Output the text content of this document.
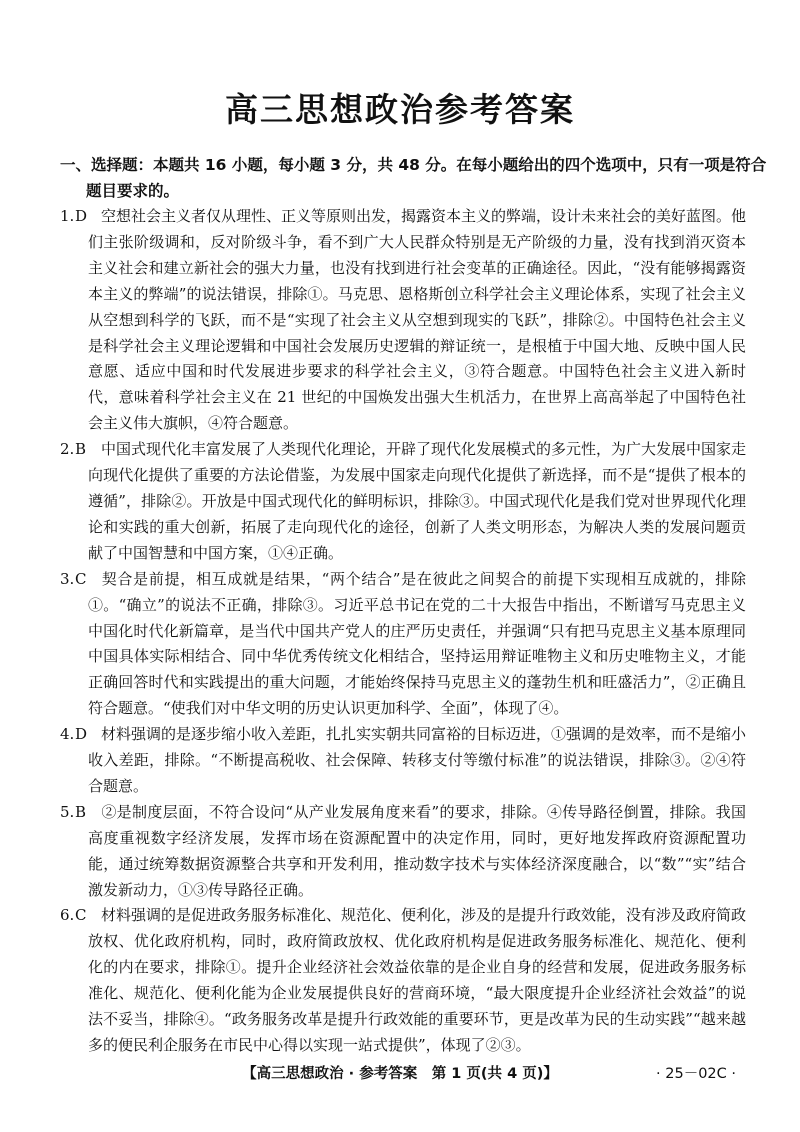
高三思想政治参考答案
一、选择题：本题共 16 小题，每小题 3 分，共 48 分。在每小题给出的四个选项中，只有一项是符合题目要求的。

1.D 空想社会主义者仅从理性、正义等原则出发，揭露资本主义的弊端，设计未来社会的美好蓝图。他们主张阶级调和，反对阶级斗争，看不到广大人民群众特别是无产阶级的力量，没有找到消灭资本主义社会和建立新社会的强大力量，也没有找到进行社会变革的正确途径。因此，“没有能够揭露资本主义的弊端”的说法错误，排除①。马克思、恩格斯创立科学社会主义理论体系，实现了社会主义从空想到科学的飞跃，而不是“实现了社会主义从空想到现实的飞跃”，排除②。中国特色社会主义是科学社会主义理论逻辑和中国社会发展历史逻辑的辩证统一，是根植于中国大地、反映中国人民意愿、适应中国和时代发展进步要求的科学社会主义，③符合题意。中国特色社会主义进入新时代，意味着科学社会主义在 21 世纪的中国焕发出强大生机活力，在世界上高高举起了中国特色社会主义伟大旗帜，④符合题意。

2.B 中国式现代化丰富发展了人类现代化理论，开辟了现代化发展模式的多元性，为广大发展中国家走向现代化提供了重要的方法论借鉴，为发展中国家走向现代化提供了新选择，而不是“提供了根本的遵循”，排除②。开放是中国式现代化的鲜明标识，排除③。中国式现代化是我们党对世界现代化理论和实践的重大创新，拓展了走向现代化的途径，创新了人类文明形态，为解决人类的发展问题贡献了中国智慧和中国方案，①④正确。

3.C 契合是前提，相互成就是结果，“两个结合”是在彼此之间契合的前提下实现相互成就的，排除①。“确立”的说法不正确，排除③。习近平总书记在党的二十大报告中指出，不断谱写马克思主义中国化时代化新篇章，是当代中国共产党人的庄严历史责任，并强调“只有把马克思主义基本原理同中国具体实际相结合、同中华优秀传统文化相结合，坚持运用辩证唯物主义和历史唯物主义，才能正确回答时代和实践提出的重大问题，才能始终保持马克思主义的蓬勃生机和旺盛活力”，②正确且符合题意。“使我们对中华文明的历史认识更加科学、全面”，体现了④。

4.D 材料强调的是逐步缩小收入差距，扎扎实实朝共同富裕的目标迈进，①强调的是效率，而不是缩小收入差距，排除。“不断提高税收、社会保障、转移支付等缴付标准”的说法错误，排除③。②④符合题意。

5.B ②是制度层面，不符合设问“从产业发展角度来看”的要求，排除。④传导路径倒置，排除。我国高度重视数字经济发展，发挥市场在资源配置中的决定作用，同时，更好地发挥政府资源配置功能，通过统筹数据资源整合共享和开发利用，推动数字技术与实体经济深度融合，以“数”“实”结合激发新动力，①③传导路径正确。

6.C 材料强调的是促进政务服务标准化、规范化、便利化，涉及的是提升行政效能，没有涉及政府简政放权、优化政府机构，同时，政府简政放权、优化政府机构是促进政务服务标准化、规范化、便利化的内在要求，排除①。提升企业经济社会效益依靠的是企业自身的经营和发展，促进政务服务标准化、规范化、便利化能为企业发展提供良好的营商环境，“最大限度提升企业经济社会效益”的说法不妥当，排除④。“政务服务改革是提升行政效能的重要环节，更是改革为民的生动实践”“越来越多的便民利企服务在市民中心得以实现一站式提供”，体现了②③。

【高三思想政治 · 参考答案　第 1 页(共 4 页)】	· 25－02C ·
